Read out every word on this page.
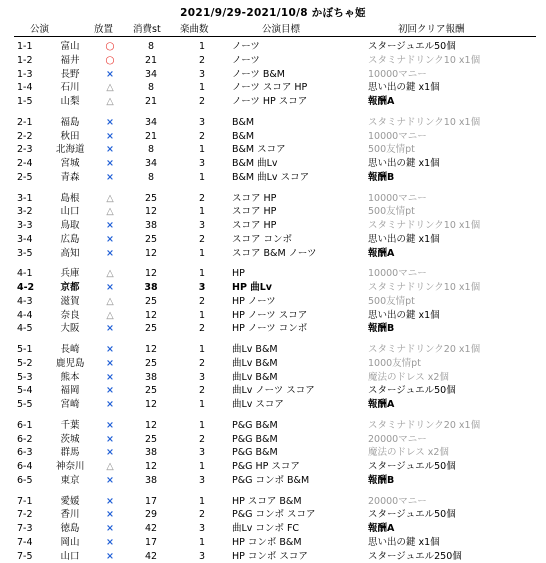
2021/9/29-2021/10/8 かぼちゃ姫
公演	放置 消費st 楽曲数	公演目標	初回クリア報酬
1-1	富山	○	8	1	ノーツ	スタージュエル50個
1-2	福井	○	21	2	ノーツ	スタミナドリンク10 x1個
1-3	長野	×	34	3	ノーツ B&M	10000マニー
1-4	石川	△	8	1	ノーツ スコア HP	思い出の鍵 x1個
1-5	山梨	△	21	2	ノーツ HP スコア	報酬A
2-1	福島	×	34	3	B&M	スタミナドリンク10 x1個
2-2	秋田	×	21	2	B&M	10000マニー
2-3 北海道	×	8	1	B&M スコア	500友情pt
2-4	宮城	×	34	3	B&M 曲Lv	思い出の鍵 x1個
2-5	青森	×	8	1	B&M 曲Lv スコア	報酬B
3-1	島根	△	25	2	スコア HP	10000マニー
3-2	山口	△	12	1	スコア HP	500友情pt
3-3	鳥取	×	38	3	スコア HP	スタミナドリンク10 x1個
3-4	広島	×	25	2	スコア コンボ	思い出の鍵 x1個
3-5	高知	×	12	1	スコア B&M ノーツ	報酬A
4-1	兵庫	△	12	1	HP	10000マニー
4-2	京都	×	38	3	HP 曲Lv	スタミナドリンク10 x1個
4-3	滋賀	△	25	2	HP ノーツ	500友情pt
4-4	奈良	△	12	1	HP ノーツ スコア	思い出の鍵 x1個
4-5	大阪	×	25	2	HP ノーツ コンボ	報酬B
5-1	長崎	×	12	1	曲Lv B&M	スタミナドリンク20 x1個
5-2 鹿児島	×	25	2	曲Lv B&M	1000友情pt
5-3	熊本	×	38	3	曲Lv B&M	魔法のドレス x2個
5-4	福岡	×	25	2	曲Lv ノーツ スコア	スタージュエル50個
5-5	宮崎	×	12	1	曲Lv スコア	報酬A
6-1	千葉	×	12	1	P&G B&M	スタミナドリンク20 x1個
6-2	茨城	×	25	2	P&G B&M	20000マニー
6-3	群馬	×	38	3	P&G B&M	魔法のドレス x2個
6-4 神奈川	△	12	1	P&G HP スコア	スタージュエル50個
6-5	東京	×	38	3	P&G コンボ B&M	報酬B
7-1	愛媛	×	17	1	HP スコア B&M	20000マニー
7-2	香川	×	29	2	P&G コンボ スコア	スタージュエル50個
7-3	徳島	×	42	3	曲Lv コンボ FC	報酬A
7-4	岡山	×	17	1	HP コンボ B&M	思い出の鍵 x1個
7-5	山口	×	42	3	HP コンボ スコア	スタージュエル250個
